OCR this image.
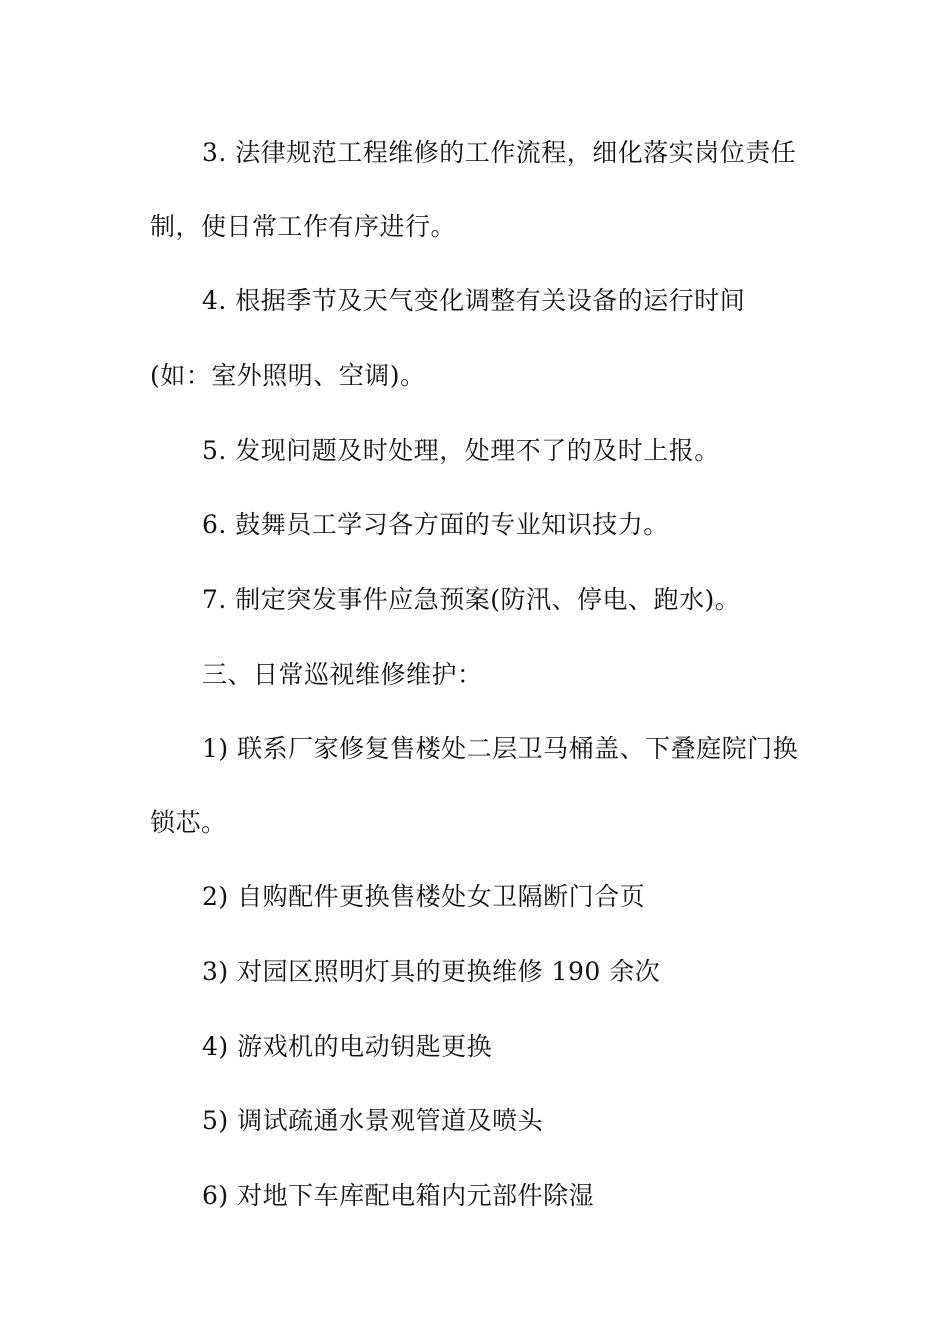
3. 法律规范工程维修的工作流程，细化落实岗位责任
制，使日常工作有序进行。
4. 根据季节及天气变化调整有关设备的运行时间
(如：室外照明、空调)。
5. 发现问题及时处理，处理不了的及时上报。
6. 鼓舞员工学习各方面的专业知识技力。
7. 制定突发事件应急预案(防汛、停电、跑水)。
三、日常巡视维修维护：
1) 联系厂家修复售楼处二层卫马桶盖、下叠庭院门换
锁芯。
2) 自购配件更换售楼处女卫隔断门合页
3) 对园区照明灯具的更换维修 190 余次
4) 游戏机的电动钥匙更换
5) 调试疏通水景观管道及喷头
6) 对地下车库配电箱内元部件除湿
